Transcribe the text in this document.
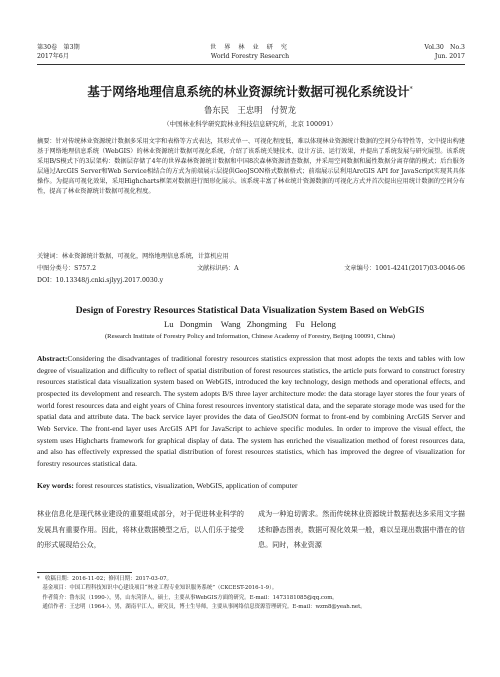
第30卷　第3期
2017年6月
世 界 林 业 研 究
World Forestry Research
Vol.30　No.3
Jun. 2017
基于网络地理信息系统的林业资源统计数据可视化系统设计*
鲁东民　王忠明　付贺龙
（中国林业科学研究院林业科技信息研究所，北京 100091）
摘要：针对传统林业资源统计数据多采用文字和表格等方式表达，其形式单一、可视化程度低，难以体现林业资源统计数据的空间分布特性等，文中提出构建基于网络地理信息系统（WebGIS）的林业资源统计数据可视化系统，介绍了该系统关键技术、设计方法、运行效果，并提出了系统发展与研究展望。该系统采用B/S模式下的3层架构：数据层存储了4年的世界森林资源统计数据和中国8次森林资源清查数据，并采用空间数据和属性数据分离存储的模式；后台服务层通过ArcGIS Server和Web Service相结合的方式为前端展示层提供GeoJSON格式数据格式；前端展示层利用ArcGIS API for JavaScript实现其具体操作。为提高可视化效果，采用Highcharts框架对数据进行图形化展示。该系统丰富了林业统计资源数据的可视化方式并首次提出应用统计数据的空间分布性，提高了林业资源统计数据可视化程度。
关键词：林业资源统计数据，可视化，网络地理信息系统，计算机应用
中图分类号：S757.2	文献标识码：A	文章编号：1001-4241(2017)03-0046-06
DOI：10.13348/j.cnki.sjlyyj.2017.0030.y
Design of Forestry Resources Statistical Data Visualization System Based on WebGIS
Lu Dongmin　Wang Zhongming　Fu Helong
(Research Institute of Forestry Policy and Information, Chinese Academy of Forestry, Beijing 100091, China)
Abstract:Considering the disadvantages of traditional forestry resources statistics expression that most adopts the texts and tables with low degree of visualization and difficulty to reflect of spatial distribution of forest resources statistics, the article puts forward to construct forestry resources statistical data visualization system based on WebGIS, introduced the key technology, design methods and operational effects, and prospected its development and research. The system adopts B/S three layer architecture mode: the data storage layer stores the four years of world forest resources data and eight years of China forest resources inventory statistical data, and the separate storage mode was used for the spatial data and attribute data. The back service layer provides the data of GeoJSON format to front-end by combining ArcGIS Server and Web Service. The front-end layer uses ArcGIS API for JavaScript to achieve specific modules. In order to improve the visual effect, the system uses Highcharts framework for graphical display of data. The system has enriched the visualization method of forest resources data, and also has effectively expressed the spatial distribution of forest resources statistics, which has improved the degree of visualization for forestry resources statistical data.
Key words: forest resources statistics, visualization, WebGIS, application of computer
林业信息化是现代林业建设的重要组成部分，对于促进林业科学的发展具有重要作用。因此，将林业数据模型之后，以人们乐于接受的形式展现给公众，
成为一种迫切需求。然而传统林业资源统计数据表达多采用文字描述和静态图表，数据可视化效果一般，难以呈现出数据中潜在的信息。同时，林业资源
*　收稿日期：2016-11-02；修回日期：2017-03-07。
　基金项目：中国工程科技知识中心建设项目“林业工程专业知识服务系统”（CKCEST-2016-1-9）。
　作者简介：鲁东民（1990-），男，山东菏泽人，硕士，主要从事WebGIS方面的研究。E-mail：1473181085@qq.com。
　通信作者：王忠明（1964-），男，湖南平江人，研究员，博士生导师，主要从事网络信息资源管理研究。E-mail：wzm8@yeah.net。
